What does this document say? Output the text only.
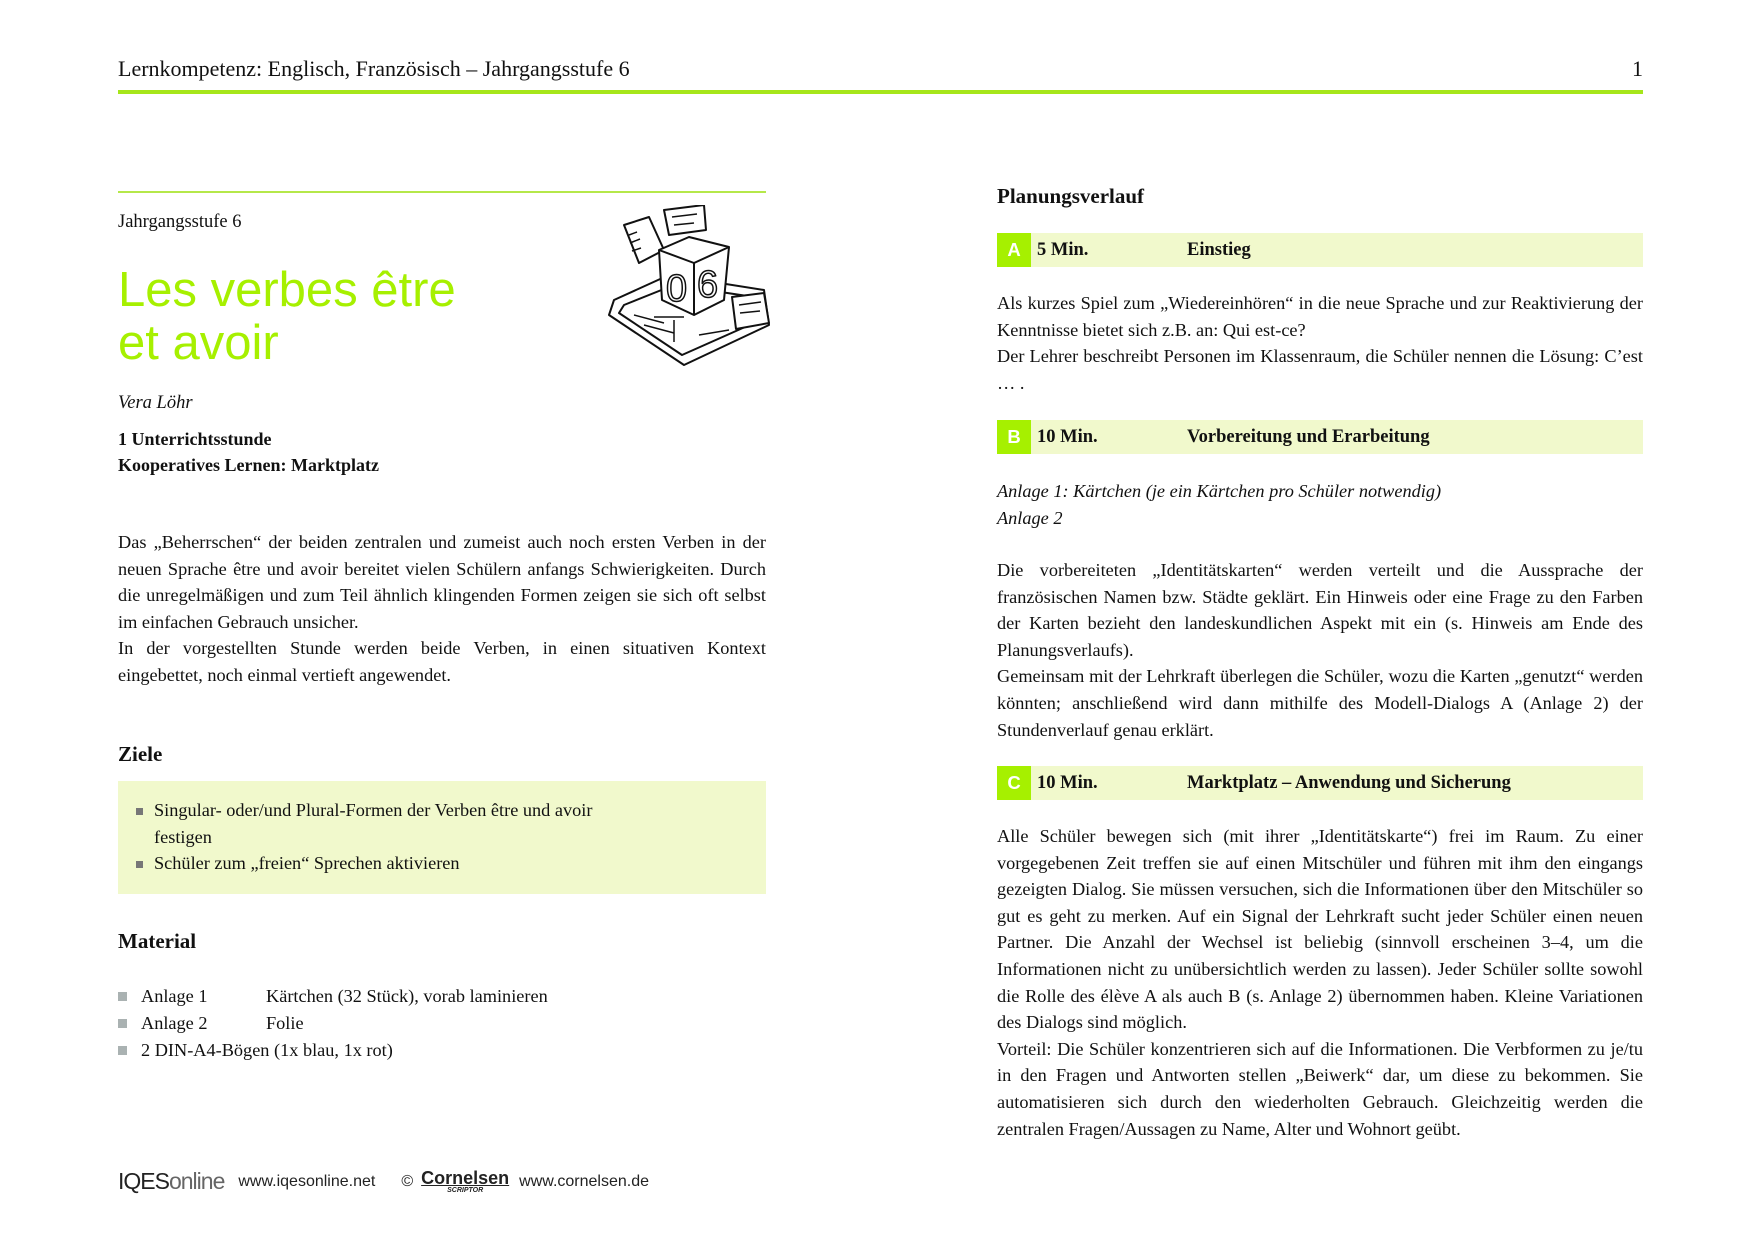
Lernkompetenz: Englisch, Französisch – Jahrgangsstufe 6	1
Jahrgangsstufe 6
Les verbes être
et avoir
0 6
Vera Löhr
1 Unterrichtsstunde
Kooperatives Lernen: Marktplatz
Das „Beherrschen“ der beiden zentralen und zumeist auch noch ersten Verben in der neuen Sprache être und avoir bereitet vielen Schülern anfangs Schwierigkeiten. Durch die unregelmäßigen und zum Teil ähnlich klingenden Formen zeigen sie sich oft selbst im einfachen Gebrauch unsicher.
In der vorgestellten Stunde werden beide Verben, in einen situativen Kontext eingebettet, noch einmal vertieft angewendet.
Ziele
Singular- oder/und Plural-Formen der Verben être und avoir festigen
Schüler zum „freien“ Sprechen aktivieren
Material
Anlage 1	Kärtchen (32 Stück), vorab laminieren
Anlage 2	Folie
2 DIN-A4-Bögen (1x blau, 1x rot)
IQESonline www.iqesonline.net © Cornelsen
SCRIPTOR
www.cornelsen.de
Planungsverlauf
A 5 Min.	Einstieg
Als kurzes Spiel zum „Wiedereinhören“ in die neue Sprache und zur Reaktivierung der Kenntnisse bietet sich z.B. an: Qui est-ce?
Der Lehrer beschreibt Personen im Klassenraum, die Schüler nennen die Lösung: C’est … .
B 10 Min.	Vorbereitung und Erarbeitung
Anlage 1: Kärtchen (je ein Kärtchen pro Schüler notwendig)
Anlage 2
Die vorbereiteten „Identitätskarten“ werden verteilt und die Aussprache der französischen Namen bzw. Städte geklärt. Ein Hinweis oder eine Frage zu den Farben der Karten bezieht den landeskundlichen Aspekt mit ein (s. Hinweis am Ende des Planungsverlaufs).
Gemeinsam mit der Lehrkraft überlegen die Schüler, wozu die Karten „genutzt“ werden könnten; anschließend wird dann mithilfe des Modell-Dialogs A (Anlage 2) der Stundenverlauf genau erklärt.
C 10 Min.	Marktplatz – Anwendung und Sicherung
Alle Schüler bewegen sich (mit ihrer „Identitätskarte“) frei im Raum. Zu einer vorgegebenen Zeit treffen sie auf einen Mitschüler und führen mit ihm den eingangs gezeigten Dialog. Sie müssen versuchen, sich die Informationen über den Mitschüler so gut es geht zu merken. Auf ein Signal der Lehrkraft sucht jeder Schüler einen neuen Partner. Die Anzahl der Wechsel ist beliebig (sinnvoll erscheinen 3–4, um die Informationen nicht zu unübersichtlich werden zu lassen). Jeder Schüler sollte sowohl die Rolle des élève A als auch B (s. Anlage 2) übernommen haben. Kleine Variationen des Dialogs sind möglich.
Vorteil: Die Schüler konzentrieren sich auf die Informationen. Die Verbformen zu je/tu in den Fragen und Antworten stellen „Beiwerk“ dar, um diese zu bekommen. Sie automatisieren sich durch den wiederholten Gebrauch. Gleichzeitig werden die zentralen Fragen/Aussagen zu Name, Alter und Wohnort geübt.
